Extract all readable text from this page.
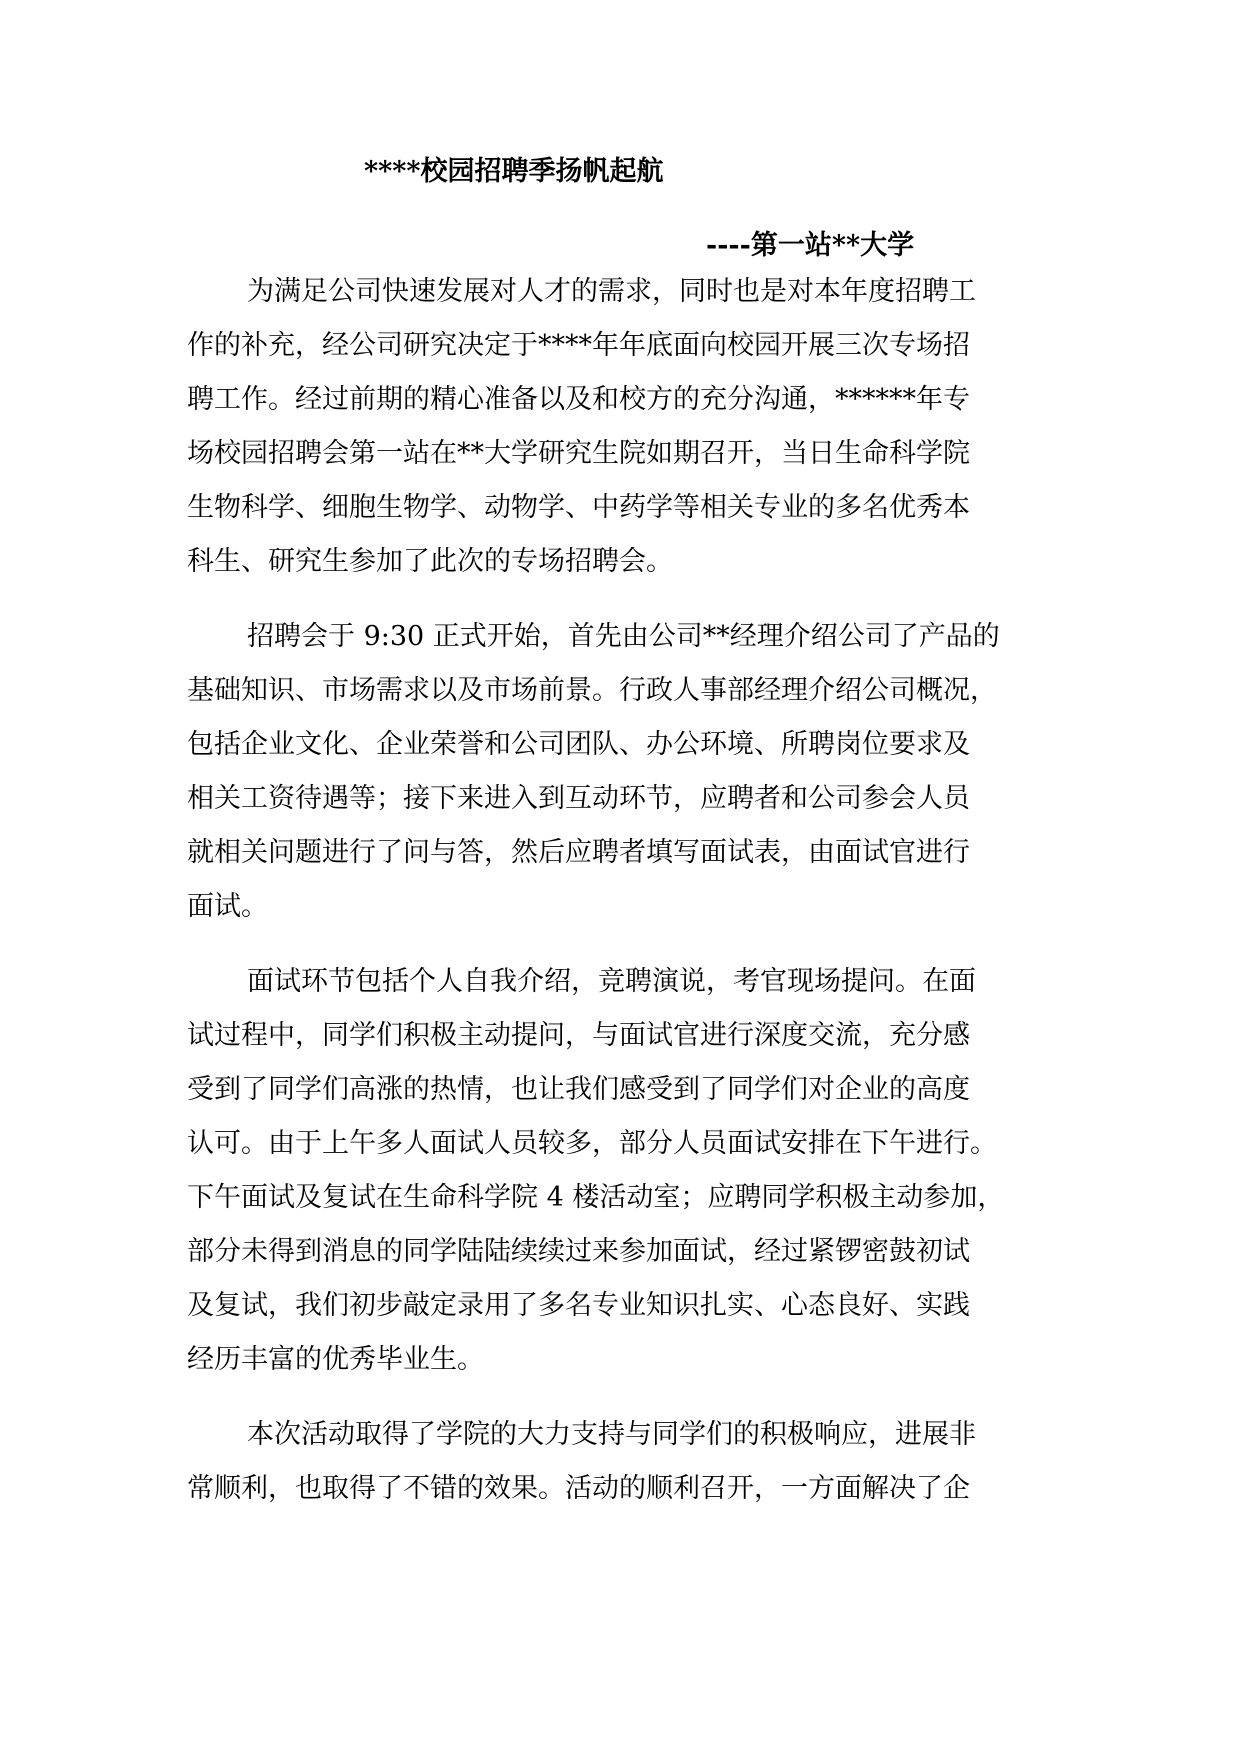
****校园招聘季扬帆起航
----第一站**大学
为满足公司快速发展对人才的需求，同时也是对本年度招聘工
作的补充，经公司研究决定于****年年底面向校园开展三次专场招
聘工作。经过前期的精心准备以及和校方的充分沟通，******年专
场校园招聘会第一站在**大学研究生院如期召开，当日生命科学院
生物科学、细胞生物学、动物学、中药学等相关专业的多名优秀本
科生、研究生参加了此次的专场招聘会。
招聘会于 9:30 正式开始，首先由公司**经理介绍公司了产品的
基础知识、市场需求以及市场前景。行政人事部经理介绍公司概况，
包括企业文化、企业荣誉和公司团队、办公环境、所聘岗位要求及
相关工资待遇等；接下来进入到互动环节，应聘者和公司参会人员
就相关问题进行了问与答，然后应聘者填写面试表，由面试官进行
面试。
面试环节包括个人自我介绍，竞聘演说，考官现场提问。在面
试过程中，同学们积极主动提问，与面试官进行深度交流，充分感
受到了同学们高涨的热情，也让我们感受到了同学们对企业的高度
认可。由于上午多人面试人员较多，部分人员面试安排在下午进行。
下午面试及复试在生命科学院 4 楼活动室；应聘同学积极主动参加，
部分未得到消息的同学陆陆续续过来参加面试，经过紧锣密鼓初试
及复试，我们初步敲定录用了多名专业知识扎实、心态良好、实践
经历丰富的优秀毕业生。
本次活动取得了学院的大力支持与同学们的积极响应，进展非
常顺利，也取得了不错的效果。活动的顺利召开，一方面解决了企
